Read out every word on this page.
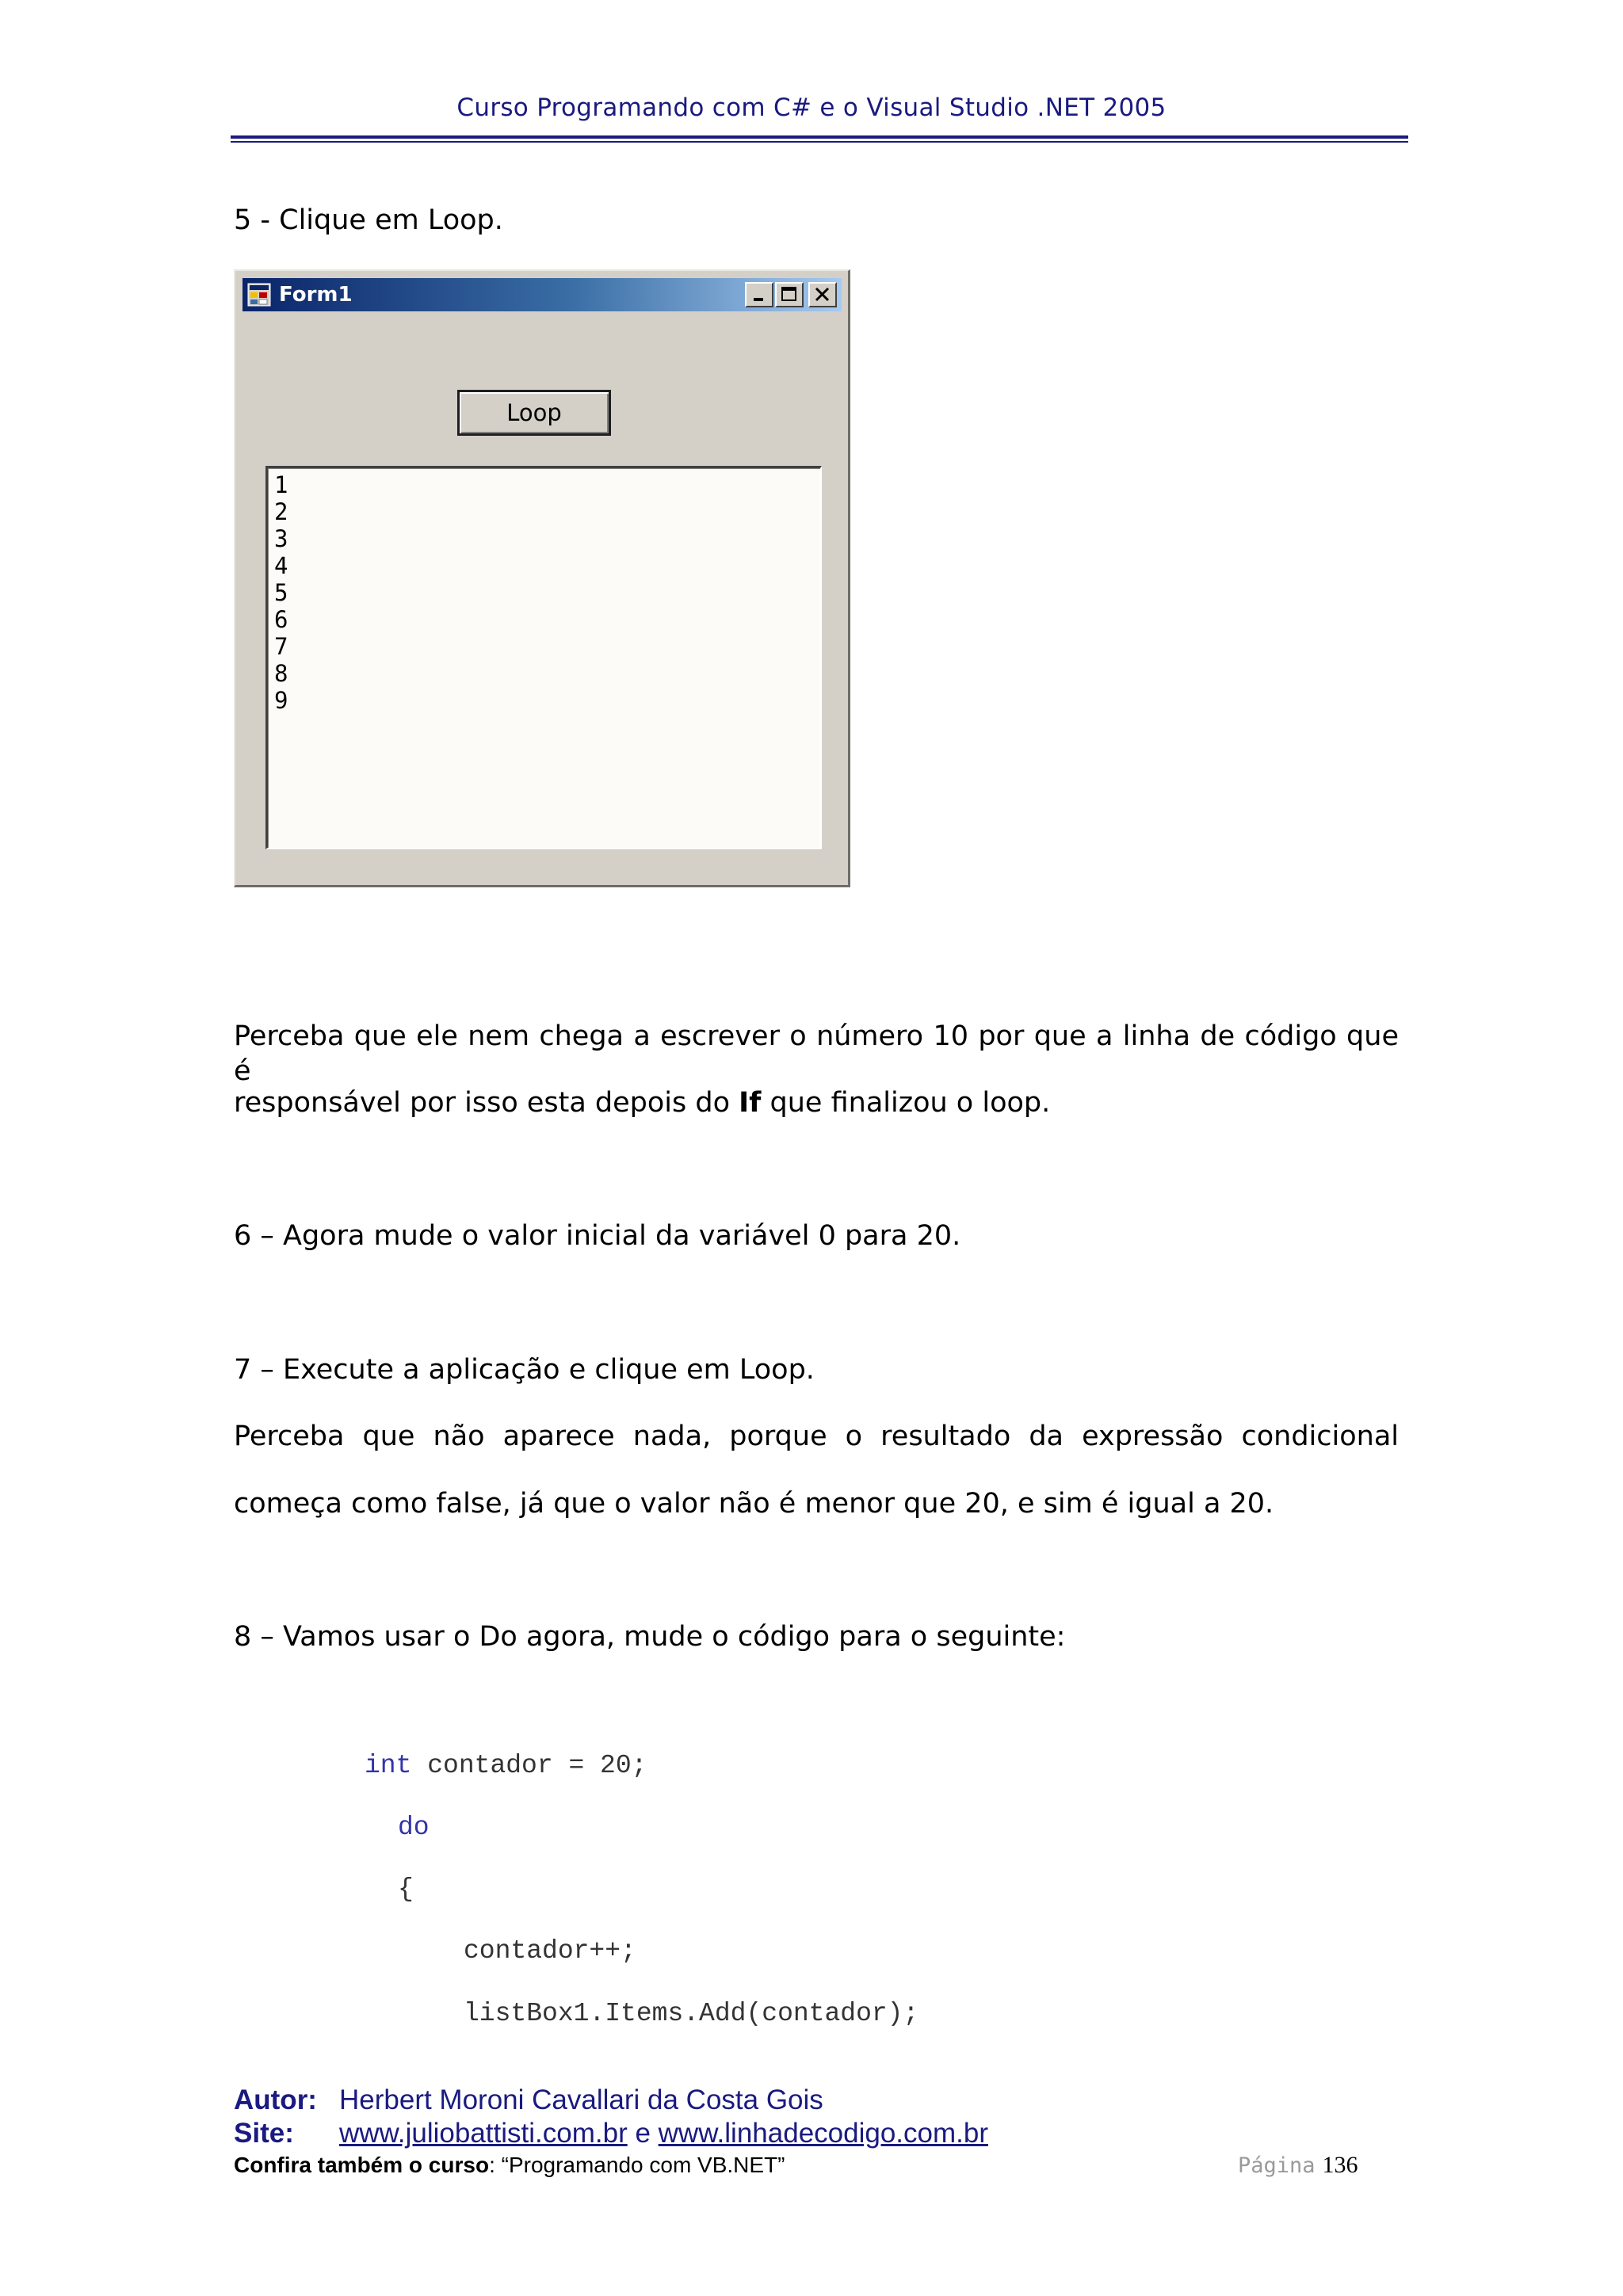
Curso Programando com C# e o Visual Studio .NET 2005
5 - Clique em Loop.
Form1
Loop
1
2
3
4
5
6
7
8
9
Perceba que ele nem chega a escrever o número 10 por que a linha de código que é
responsável por isso esta depois do If que finalizou o loop.
6 – Agora mude o valor inicial da variável 0 para 20.
7 – Execute a aplicação e clique em Loop.
Perceba que não aparece nada, porque o resultado da expressão condicional
começa como false, já que o valor não é menor que 20, e sim é igual a 20.
8 – Vamos usar o Do agora, mude o código para o seguinte:
int contador = 20;
do
{
contador++;
listBox1.Items.Add(contador);
Autor: Herbert Moroni Cavallari da Costa Gois
Site: www.juliobattisti.com.br e www.linhadecodigo.com.br
Confira também o curso: “Programando com VB.NET”	Página 136
